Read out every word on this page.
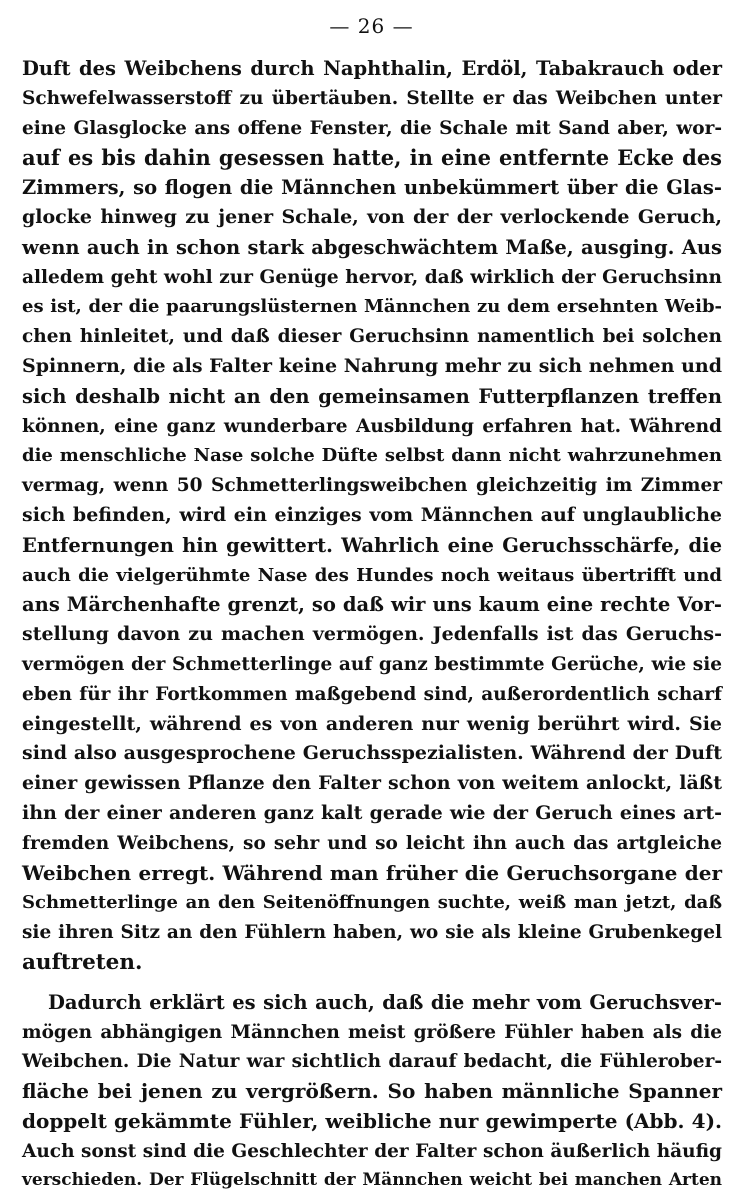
— 26 —
Duft des Weibchens durch Naphthalin, Erdöl, Tabakrauch oder
Schwefelwasserstoff zu übertäuben. Stellte er das Weibchen unter
eine Glasglocke ans offene Fenster, die Schale mit Sand aber, wor-
auf es bis dahin gesessen hatte, in eine entfernte Ecke des
Zimmers, so flogen die Männchen unbekümmert über die Glas-
glocke hinweg zu jener Schale, von der der verlockende Geruch,
wenn auch in schon stark abgeschwächtem Maße, ausging. Aus
alledem geht wohl zur Genüge hervor, daß wirklich der Geruchsinn
es ist, der die paarungslüsternen Männchen zu dem ersehnten Weib-
chen hinleitet, und daß dieser Geruchsinn namentlich bei solchen
Spinnern, die als Falter keine Nahrung mehr zu sich nehmen und
sich deshalb nicht an den gemeinsamen Futterpflanzen treffen
können, eine ganz wunderbare Ausbildung erfahren hat. Während
die menschliche Nase solche Düfte selbst dann nicht wahrzunehmen
vermag, wenn 50 Schmetterlingsweibchen gleichzeitig im Zimmer
sich befinden, wird ein einziges vom Männchen auf unglaubliche
Entfernungen hin gewittert. Wahrlich eine Geruchsschärfe, die
auch die vielgerühmte Nase des Hundes noch weitaus übertrifft und
ans Märchenhafte grenzt, so daß wir uns kaum eine rechte Vor-
stellung davon zu machen vermögen. Jedenfalls ist das Geruchs-
vermögen der Schmetterlinge auf ganz bestimmte Gerüche, wie sie
eben für ihr Fortkommen maßgebend sind, außerordentlich scharf
eingestellt, während es von anderen nur wenig berührt wird. Sie
sind also ausgesprochene Geruchsspezialisten. Während der Duft
einer gewissen Pflanze den Falter schon von weitem anlockt, läßt
ihn der einer anderen ganz kalt gerade wie der Geruch eines art-
fremden Weibchens, so sehr und so leicht ihn auch das artgleiche
Weibchen erregt. Während man früher die Geruchsorgane der
Schmetterlinge an den Seitenöffnungen suchte, weiß man jetzt, daß
sie ihren Sitz an den Fühlern haben, wo sie als kleine Grubenkegel
auftreten.
Dadurch erklärt es sich auch, daß die mehr vom Geruchsver-
mögen abhängigen Männchen meist größere Fühler haben als die
Weibchen. Die Natur war sichtlich darauf bedacht, die Fühlerober-
fläche bei jenen zu vergrößern. So haben männliche Spanner
doppelt gekämmte Fühler, weibliche nur gewimperte (Abb. 4).
Auch sonst sind die Geschlechter der Falter schon äußerlich häufig
verschieden. Der Flügelschnitt der Männchen weicht bei manchen Arten
